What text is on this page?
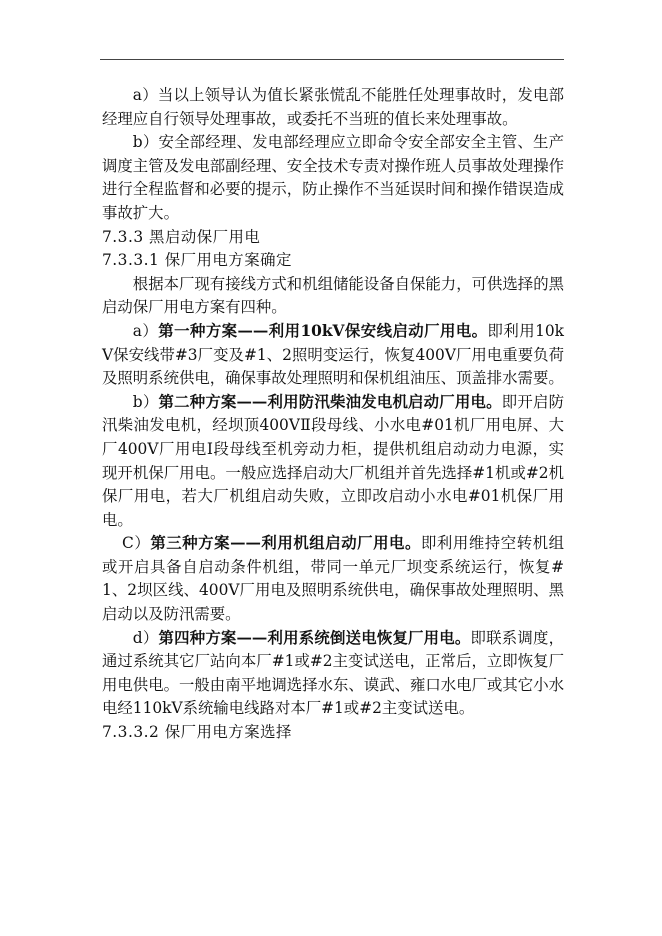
a）当以上领导认为值长紧张慌乱不能胜任处理事故时，发电部经理应自行领导处理事故，或委托不当班的值长来处理事故。

b）安全部经理、发电部经理应立即命令安全部安全主管、生产调度主管及发电部副经理、安全技术专责对操作班人员事故处理操作进行全程监督和必要的提示，防止操作不当延误时间和操作错误造成事故扩大。

7.3.3 黑启动保厂用电

7.3.3.1 保厂用电方案确定

根据本厂现有接线方式和机组储能设备自保能力，可供选择的黑启动保厂用电方案有四种。

a）第一种方案——利用10kV保安线启动厂用电。即利用10kV保安线带#3厂变及#1、2照明变运行，恢复400V厂用电重要负荷及照明系统供电，确保事故处理照明和保机组油压、顶盖排水需要。

b）第二种方案——利用防汛柴油发电机启动厂用电。即开启防汛柴油发电机，经坝顶400VⅡ段母线、小水电#01机厂用电屏、大厂400V厂用电Ⅰ段母线至机旁动力柜，提供机组启动动力电源，实现开机保厂用电。一般应选择启动大厂机组并首先选择#1机或#2机保厂用电，若大厂机组启动失败，立即改启动小水电#01机保厂用电。

C）第三种方案——利用机组启动厂用电。即利用维持空转机组或开启具备自启动条件机组，带同一单元厂坝变系统运行，恢复#1、2坝区线、400V厂用电及照明系统供电，确保事故处理照明、黑启动以及防汛需要。

d）第四种方案——利用系统倒送电恢复厂用电。即联系调度，通过系统其它厂站向本厂#1或#2主变试送电，正常后，立即恢复厂用电供电。一般由南平地调选择水东、谟武、雍口水电厂或其它小水电经110kV系统输电线路对本厂#1或#2主变试送电。

7.3.3.2 保厂用电方案选择
